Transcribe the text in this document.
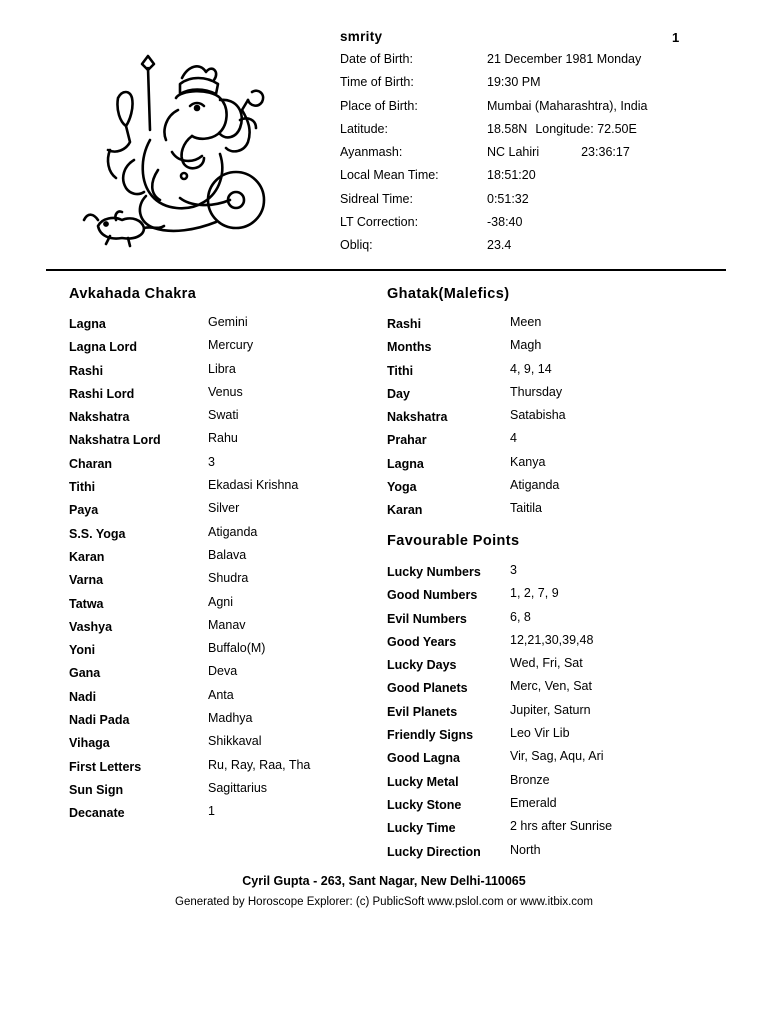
smrity	1
Date of Birth:	21 December 1981 Monday
Time of Birth:	19:30 PM
Place of Birth:	Mumbai (Maharashtra), India
Latitude:	18.58N Longitude: 72.50E
Ayanmash:	NC Lahiri	23:36:17
Local Mean Time:	18:51:20
Sidreal Time:	0:51:32
LT Correction:	-38:40
Obliq:	23.4
Avkahada Chakra
Lagna	Gemini
Lagna Lord	Mercury
Rashi	Libra
Rashi Lord	Venus
Nakshatra	Swati
Nakshatra Lord	Rahu
Charan	3
Tithi	Ekadasi Krishna
Paya	Silver
S.S. Yoga	Atiganda
Karan	Balava
Varna	Shudra
Tatwa	Agni
Vashya	Manav
Yoni	Buffalo(M)
Gana	Deva
Nadi	Anta
Nadi Pada	Madhya
Vihaga	Shikkaval
First Letters	Ru, Ray, Raa, Tha
Sun Sign	Sagittarius
Decanate	1
Ghatak(Malefics)
Rashi	Meen
Months	Magh
Tithi	4, 9, 14
Day	Thursday
Nakshatra	Satabisha
Prahar	4
Lagna	Kanya
Yoga	Atiganda
Karan	Taitila
Favourable Points
Lucky Numbers 3
Good Numbers	1, 2, 7, 9
Evil Numbers	6, 8
Good Years	12,21,30,39,48
Lucky Days	Wed, Fri, Sat
Good Planets	Merc, Ven, Sat
Evil Planets	Jupiter, Saturn
Friendly Signs	Leo Vir Lib
Good Lagna	Vir, Sag, Aqu, Ari
Lucky Metal	Bronze
Lucky Stone	Emerald
Lucky Time	2 hrs after Sunrise
Lucky Direction North
Cyril Gupta - 263, Sant Nagar, New Delhi-110065
Generated by Horoscope Explorer: (c) PublicSoft www.pslol.com or www.itbix.com
